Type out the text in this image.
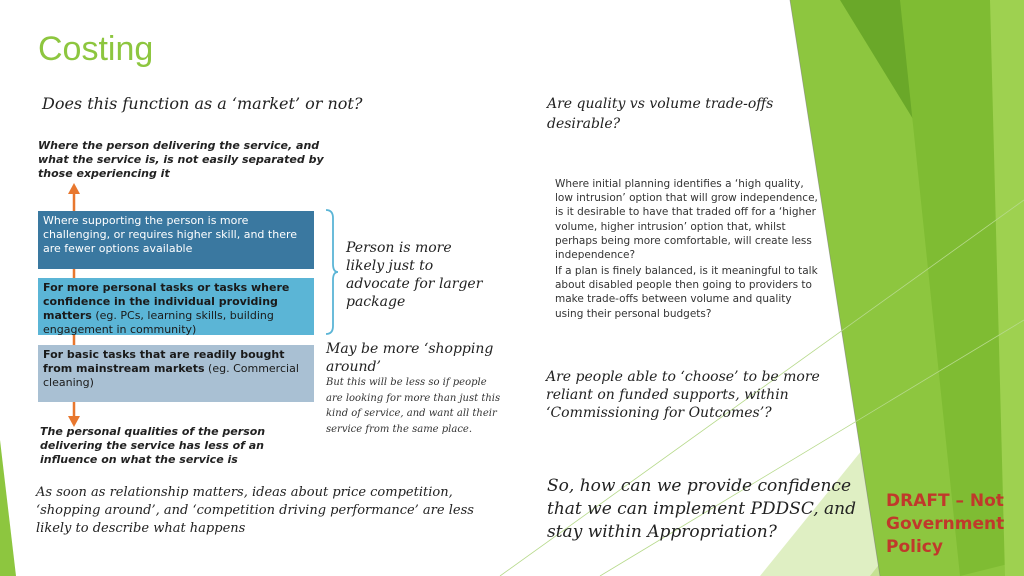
Costing
Does this function as a ‘market’ or not?
Where the person delivering the service, and what the service is, is not easily separated by those experiencing it
Where supporting the person is more challenging, or requires higher skill, and there are fewer options available
For more personal tasks or tasks where confidence in the individual providing matters (eg. PCs, learning skills, building engagement in community)
For basic tasks that are readily bought from mainstream markets (eg. Commercial cleaning)
Person is more likely just to advocate for larger package
May be more ‘shopping around’
But this will be less so if people are looking for more than just this kind of service, and want all their service from the same place.
The personal qualities of the person delivering the service has less of an influence on what the service is
As soon as relationship matters, ideas about price competition, ‘shopping around’, and ‘competition driving performance’ are less likely to describe what happens
Are quality vs volume trade-offs desirable?
Where initial planning identifies a ‘high quality, low intrusion’ option that will grow independence, is it desirable to have that traded off for a ‘higher volume, higher intrusion’ option that, whilst perhaps being more comfortable, will create less independence?
If a plan is finely balanced, is it meaningful to talk about disabled people then going to providers to make trade-offs between volume and quality using their personal budgets?
Are people able to ‘choose’ to be more reliant on funded supports, within ‘Commissioning for Outcomes’?
So, how can we provide confidence that we can implement PDDSC, and stay within Appropriation?
DRAFT – Not Government Policy
